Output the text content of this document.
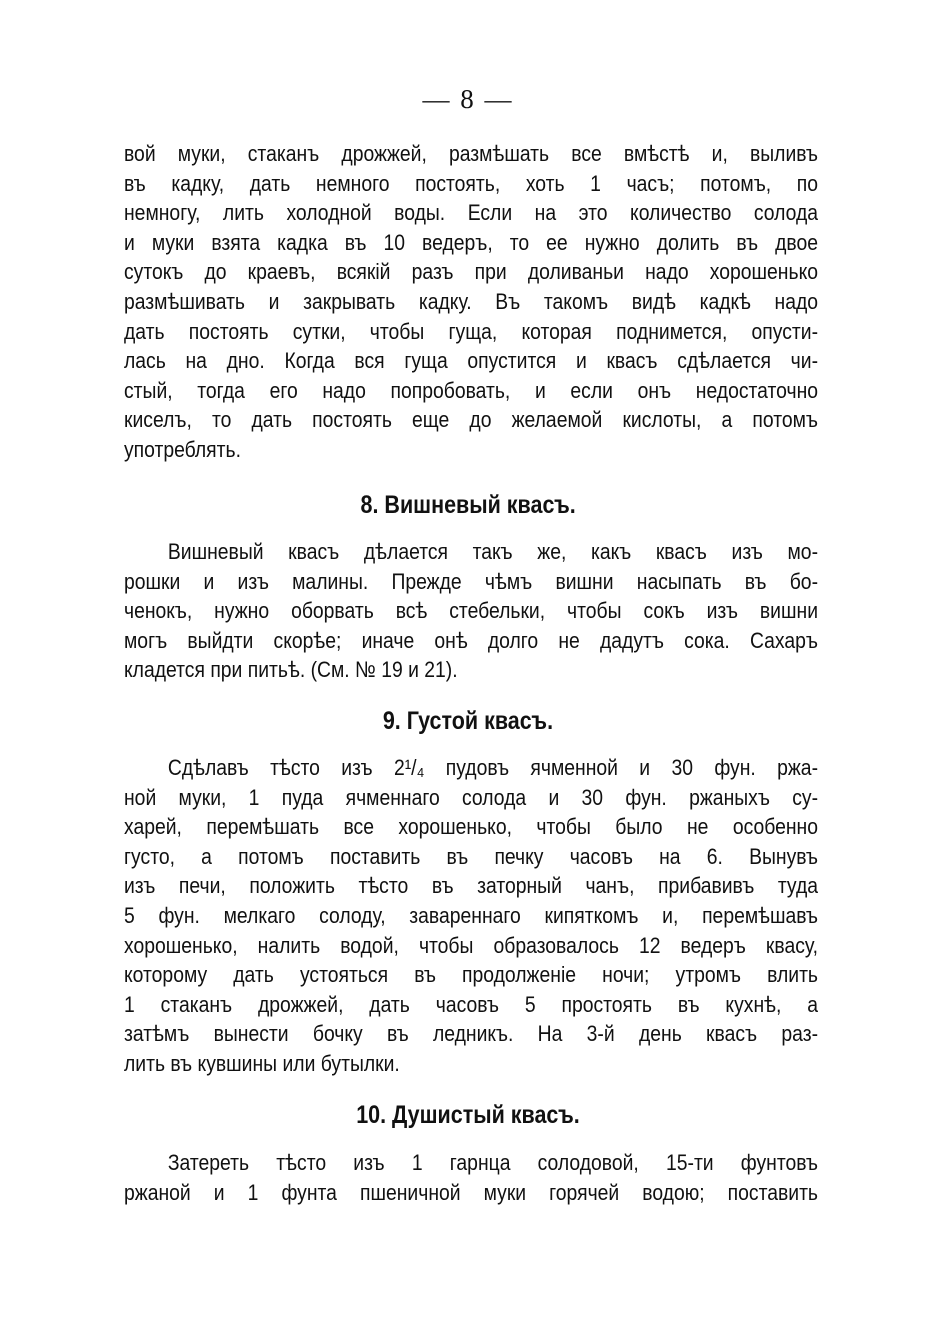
— 8 —
вой муки, стаканъ дрожжей, размѣшать все вмѣстѣ и, выливъ
въ кадку, дать немного постоять, хоть 1 часъ; потомъ, по
немногу, лить холодной воды. Если на это количество солода
и муки взята кадка въ 10 ведеръ, то ее нужно долить въ двое
сутокъ до краевъ, всякій разъ при доливаньи надо хорошенько
размѣшивать и закрывать кадку. Въ такомъ видѣ кадкѣ надо
дать постоять сутки, чтобы гуща, которая поднимется, опусти-
лась на дно. Когда вся гуща опустится и квасъ сдѣлается чи-
стый, тогда его надо попробовать, и если онъ недостаточно
киселъ, то дать постоять еще до желаемой кислоты, а потомъ
употреблять.
8. Вишневый квасъ.
Вишневый квасъ дѣлается такъ же, какъ квасъ изъ мо-
рошки и изъ малины. Прежде чѣмъ вишни насыпать въ бо-
ченокъ, нужно оборвать всѣ стебельки, чтобы сокъ изъ вишни
могъ выйдти скорѣе; иначе онѣ долго не дадутъ сока. Сахаръ
кладется при питьѣ. (См. № 19 и 21).
9. Густой квасъ.
Сдѣлавъ тѣсто изъ 2¹/₄ пудовъ ячменной и 30 фун. ржа-
ной муки, 1 пуда ячменнаго солода и 30 фун. ржаныхъ су-
харей, перемѣшать все хорошенько, чтобы было не особенно
густо, а потомъ поставить въ печку часовъ на 6. Вынувъ
изъ печи, положить тѣсто въ заторный чанъ, прибавивъ туда
5 фун. мелкаго солоду, завареннаго кипяткомъ и, перемѣшавъ
хорошенько, налить водой, чтобы образовалось 12 ведеръ квасу,
которому дать устояться въ продолженіе ночи; утромъ влить
1 стаканъ дрожжей, дать часовъ 5 простоять въ кухнѣ, а
затѣмъ вынести бочку въ ледникъ. На 3-й день квасъ раз-
лить въ кувшины или бутылки.
10. Душистый квасъ.
Затереть тѣсто изъ 1 гарнца солодовой, 15-ти фунтовъ
ржаной и 1 фунта пшеничной муки горячей водою; поставить
